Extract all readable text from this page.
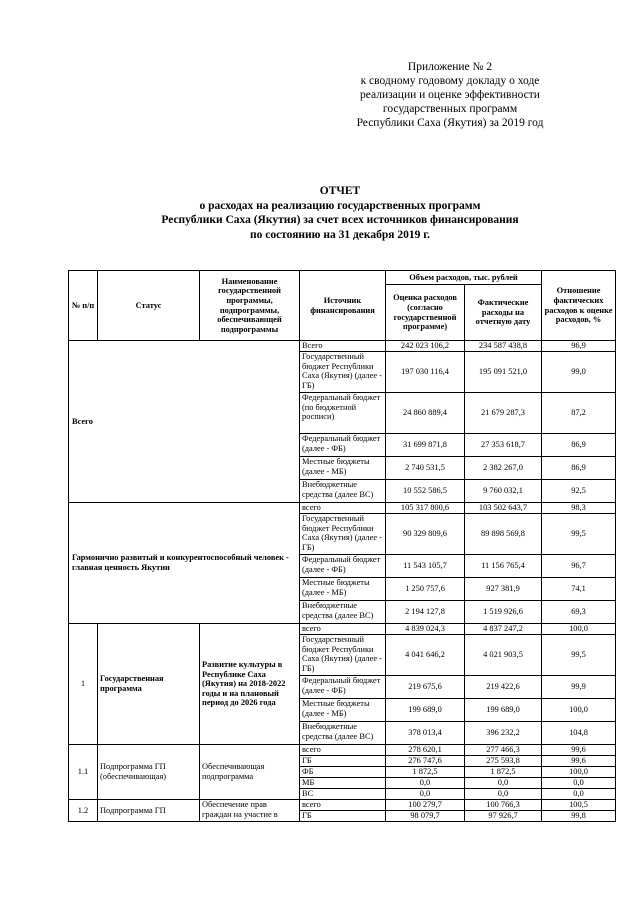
Приложение № 2
к сводному годовому докладу о ходе
реализации и оценке эффективности
государственных программ
Республики Саха (Якутия) за 2019 год
ОТЧЕТ
о расходах на реализацию государственных программ
Республики Саха (Якутия) за счет всех источников финансирования
по состоянию на 31 декабря 2019 г.
№ п/п	Статус	Наименование государственной программы, подпрограммы, обеспечивающей подпрограммы	Источник финансирования	Объем расходов, тыс. рублей		Отношение фактических расходов к оценке расходов, %
				Оценка расходов (согласно государственной программе)	Фактические расходы на отчетную дату	
Всего			Всего	242 023 106,2	234 587 438,8	96,9
			Государственный бюджет Республики Саха (Якутия) (далее - ГБ)	197 030 116,4	195 091 521,0	99,0
			Федеральный бюджет (по бюджетной росписи)	24 860 889,4	21 679 287,3	87,2
			Федеральный бюджет (далее - ФБ)	31 699 871,8	27 353 618,7	86,9
			Местные бюджеты (далее - МБ)	2 740 531,5	2 382 267,0	86,9
			Внебюджетные средства (далее ВС)	10 552 586,5	9 760 032,1	92,5
Гармонично развитый и конкурентоспособный человек - главная ценность Якутии			всего	105 317 800,6	103 502 643,7	98,3
			Государственный бюджет Республики Саха (Якутия) (далее - ГБ)	90 329 809,6	89 898 569,8	99,5
			Федеральный бюджет (далее - ФБ)	11 543 105,7	11 156 765,4	96,7
			Местные бюджеты (далее - МБ)	1 250 757,6	927 381,9	74,1
			Внебюджетные средства (далее ВС)	2 194 127,8	1 519 926,6	69,3
1	Государственная программа	Развитие культуры в Республике Саха (Якутия) на 2018-2022 годы и на плановый период до 2026 года	всего	4 839 024,3	4 837 247,2	100,0
			Государственный бюджет Республики Саха (Якутия) (далее - ГБ)	4 041 646,2	4 021 903,5	99,5
			Федеральный бюджет (далее - ФБ)	219 675,6	219 422,6	99,9
			Местные бюджеты (далее - МБ)	199 689,0	199 689,0	100,0
			Внебюджетные средства (далее ВС)	378 013,4	396 232,2	104,8
1.1	Подпрограмма ГП (обеспечивающая)	Обеспечивающая подпрограмма	всего	278 620,1	277 466,3	99,6
			ГБ	276 747,6	275 593,8	99,6
			ФБ	1 872,5	1 872,5	100,0
			МБ	0,0	0,0	0,0
			ВС	0,0	0,0	0,0
1.2	Подпрограмма ГП	Обеспечение прав граждан на участие в	всего	100 279,7	100 766,3	100,5
			ГБ	98 079,7	97 926,7	99,8
